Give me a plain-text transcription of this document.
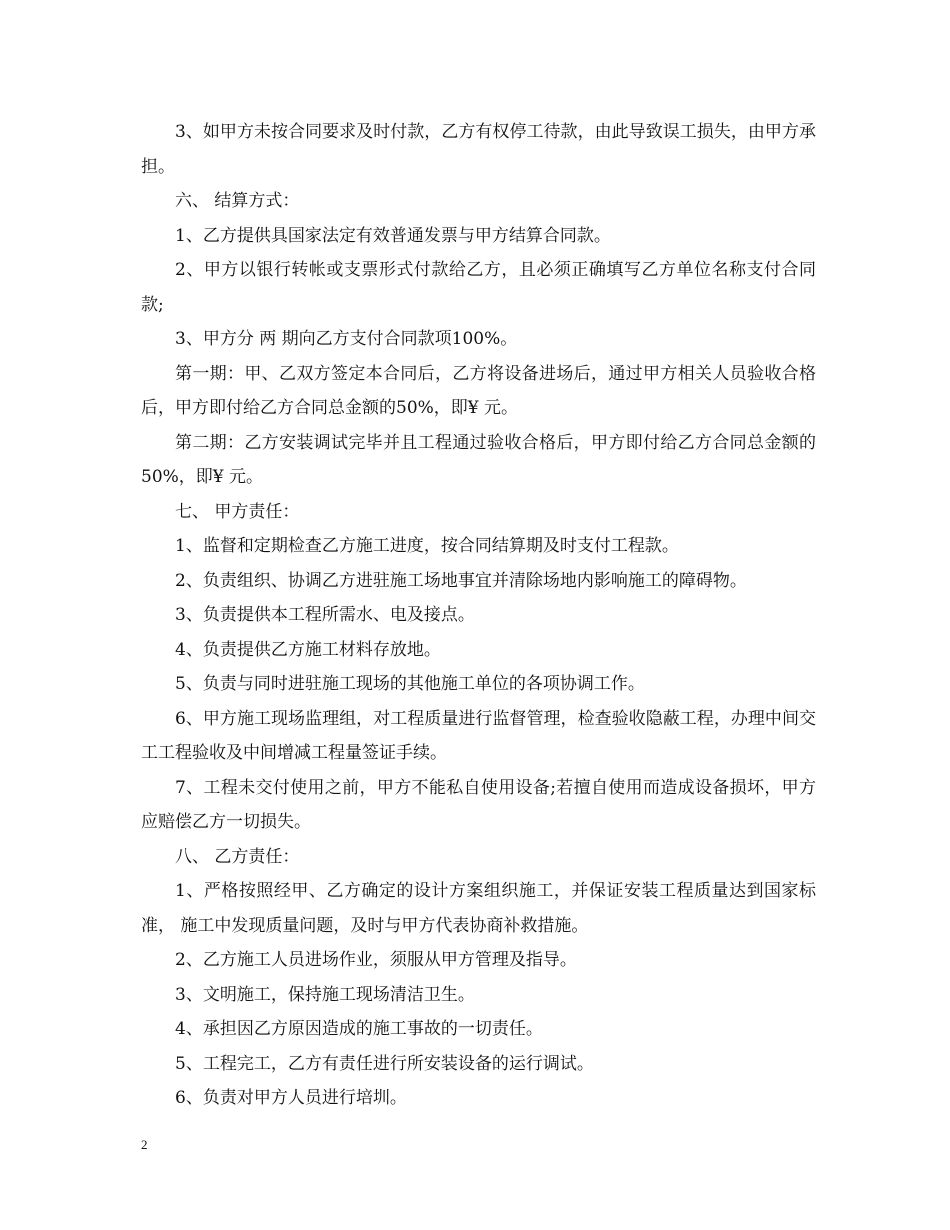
3、如甲方未按合同要求及时付款，乙方有权停工待款，由此导致误工损失，由甲方承担。

六、 结算方式：

1、乙方提供具国家法定有效普通发票与甲方结算合同款。

2、甲方以银行转帐或支票形式付款给乙方，且必须正确填写乙方单位名称支付合同款;

3、甲方分 两 期向乙方支付合同款项100%。

第一期：甲、乙双方签定本合同后，乙方将设备进场后，通过甲方相关人员验收合格后，甲方即付给乙方合同总金额的50%，即¥ 元。

第二期：乙方安装调试完毕并且工程通过验收合格后，甲方即付给乙方合同总金额的50%，即¥ 元。

七、 甲方责任：

1、监督和定期检查乙方施工进度，按合同结算期及时支付工程款。

2、负责组织、协调乙方进驻施工场地事宜并清除场地内影响施工的障碍物。

3、负责提供本工程所需水、电及接点。

4、负责提供乙方施工材料存放地。

5、负责与同时进驻施工现场的其他施工单位的各项协调工作。

6、甲方施工现场监理组，对工程质量进行监督管理，检查验收隐蔽工程，办理中间交工工程验收及中间增减工程量签证手续。

7、工程未交付使用之前，甲方不能私自使用设备;若擅自使用而造成设备损坏，甲方应赔偿乙方一切损失。

八、 乙方责任：

1、严格按照经甲、乙方确定的设计方案组织施工，并保证安装工程质量达到国家标准， 施工中发现质量问题，及时与甲方代表协商补救措施。

2、乙方施工人员进场作业，须服从甲方管理及指导。

3、文明施工，保持施工现场清洁卫生。

4、承担因乙方原因造成的施工事故的一切责任。

5、工程完工，乙方有责任进行所安装设备的运行调试。

6、负责对甲方人员进行培圳。

2
